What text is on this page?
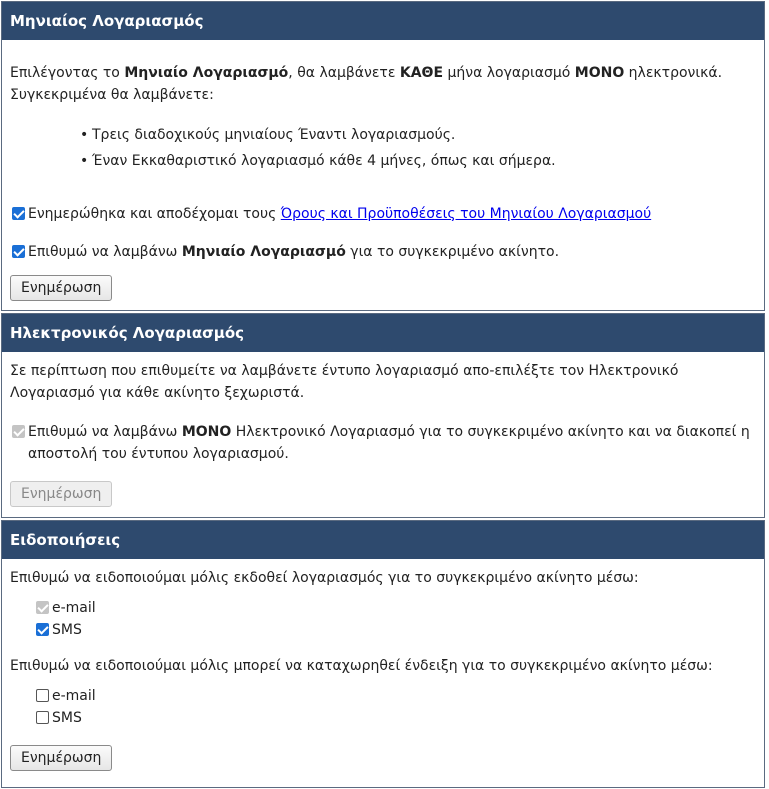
Μηνιαίος Λογαριασμός

Επιλέγοντας το Μηνιαίο Λογαριασμό, θα λαμβάνετε ΚΑΘΕ μήνα λογαριασμό ΜΟΝΟ ηλεκτρονικά.

Συγκεκριμένα θα λαμβάνετε:

• Τρεις διαδοχικούς μηνιαίους Έναντι λογαριασμούς.
• Έναν Εκκαθαριστικό λογαριασμό κάθε 4 μήνες, όπως και σήμερα.
Ενημερώθηκα και αποδέχομαι τους Όρους και Προϋποθέσεις του Μηνιαίου Λογαριασμού
Επιθυμώ να λαμβάνω Μηνιαίο Λογαριασμό για το συγκεκριμένο ακίνητο.
Ενημέρωση
Ηλεκτρονικός Λογαριασμός

Σε περίπτωση που επιθυμείτε να λαμβάνετε έντυπο λογαριασμό απο-επιλέξτε τον Ηλεκτρονικό Λογαριασμό για κάθε ακίνητο ξεχωριστά.

Επιθυμώ να λαμβάνω ΜΟΝΟ Ηλεκτρονικό Λογαριασμό για το συγκεκριμένο ακίνητο και να διακοπεί η αποστολή του έντυπου λογαριασμού.
Ενημέρωση
Ειδοποιήσεις

Επιθυμώ να ειδοποιούμαι μόλις εκδοθεί λογαριασμός για το συγκεκριμένο ακίνητο μέσω:

e-mail
SMS

Επιθυμώ να ειδοποιούμαι μόλις μπορεί να καταχωρηθεί ένδειξη για το συγκεκριμένο ακίνητο μέσω:

e-mail
SMS
Ενημέρωση
